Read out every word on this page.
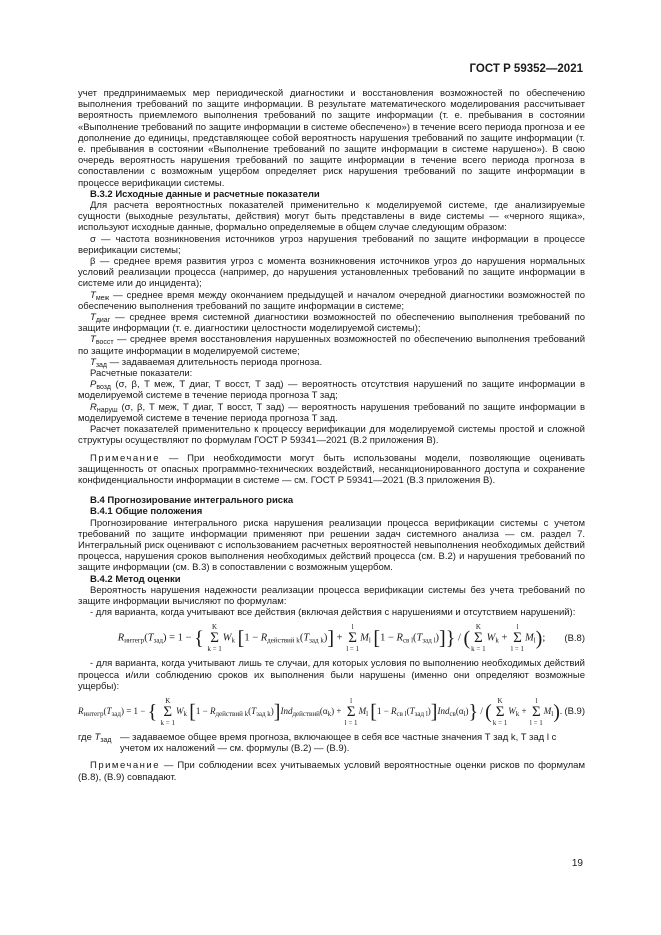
ГОСТ Р 59352—2021

учет предпринимаемых мер периодической диагностики и восстановления возможностей по обеспечению выполнения требований по защите информации. В результате математического моделирования рассчитывает вероятность приемлемого выполнения требований по защите информации (т. е. пребывания в состоянии «Выполнение требований по защите информации в системе обеспечено») в течение всего периода прогноза и ее дополнение до единицы, представляющее собой вероятность нарушения требований по защите информации (т. е. пребывания в состоянии «Выполнение требований по защите информации в системе нарушено»). В свою очередь вероятность нарушения требований по защите информации в течение всего периода прогноза в сопоставлении с возможным ущербом определяет риск нарушения требований по защите информации в процессе верификации системы.

В.3.2 Исходные данные и расчетные показатели

Для расчета вероятностных показателей применительно к моделируемой системе, где анализируемые сущности (выходные результаты, действия) могут быть представлены в виде системы — «черного ящика», используют исходные данные, формально определяемые в общем случае следующим образом:

σ — частота возникновения источников угроз нарушения требований по защите информации в процессе верификации системы;

β — среднее время развития угроз с момента возникновения источников угроз до нарушения нормальных условий реализации процесса (например, до нарушения установленных требований по защите информации в системе или до инцидента);

$T_{меж}$ — среднее время между окончанием предыдущей и началом очередной диагностики возможностей по обеспечению выполнения требований по защите информации в системе;

$T_{диаг}$ — среднее время системной диагностики возможностей по обеспечению выполнения требований по защите информации (т. е. диагностики целостности моделируемой системы);

$T_{восст}$ — среднее время восстановления нарушенных возможностей по обеспечению выполнения требований по защите информации в моделируемой системе;

$T_{зад}$ — задаваемая длительность периода прогноза.

Расчетные показатели:

$P_{возд}$ (σ, β, T меж, T диаг, T восст, T зад) — вероятность отсутствия нарушений по защите информации в моделируемой системе в течение периода прогноза T зад;

$R_{наруш}$ (σ, β, T меж, T диаг, T восст, T зад) — вероятность нарушения требований по защите информации в моделируемой системе в течение периода прогноза T зад.

Расчет показателей применительно к процессу верификации для моделируемой системы простой и сложной структуры осуществляют по формулам ГОСТ Р 59341—2021 (В.2 приложения В).

Примечание — При необходимости могут быть использованы модели, позволяющие оценивать защищенность от опасных программно-технических воздействий, несанкционированного доступа и сохранение конфиденциальности информации в системе — см. ГОСТ Р 59341—2021 (В.3 приложения В).

В.4 Прогнозирование интегрального риска
В.4.1 Общие положения

Прогнозирование интегрального риска нарушения реализации процесса верификации системы с учетом требований по защите информации применяют при решении задач системного анализа — см. раздел 7. Интегральный риск оценивают с использованием расчетных вероятностей невыполнения необходимых действий процесса, нарушения сроков выполнения необходимых действий процесса (см. В.2) и нарушения требований по защите информации (см. В.3) в сопоставлении с возможным ущербом.

В.4.2 Метод оценки

Вероятность нарушения надежности реализации процесса верификации системы без учета требований по защите информации вычисляют по формулам:

- для варианта, когда учитывают все действия (включая действия с нарушениями и отсутствием нарушений):

$R_{интегр}(T_{зад}) = 1$ − { K
Σ
$k = 1W_k$ $[1 - R_{действий k}(T_{зад k})] + l$
Σ
$l = 1M_l$ $[1 - R_{св l}(T_{зад l})]\} / (K$
Σ
$k = 1W_k + l$
Σ
$l = 1M_l$);	(В.8)

- для варианта, когда учитывают лишь те случаи, для которых условия по выполнению необходимых действий процесса и/или соблюдению сроков их выполнения были нарушены (именно они определяют возможные ущербы):

$R_{интегр}(T_{зад}) = 1$ − { K
Σ
$k = 1W_k$ $[1 - R_{действий k}(T_{зад k})]Ind_{действий}(\alpha_k) + l$
Σ
$l = 1M_l$ $[1 - R_{св l}(T_{зад l})]Ind_{св}(\alpha_l)\} / (K$
Σ
$k = 1W_k + l$
Σ
$l = 1M_l$). (В.9)
где $T_{зад}$ — задаваемое общее время прогноза, включающее в себя все частные значения T зад k, T зад l с учетом их наложений — см. формулы (В.2) — (В.9).

Примечание — При соблюдении всех учитываемых условий вероятностные оценки рисков по формулам (В.8), (В.9) совпадают.

19
